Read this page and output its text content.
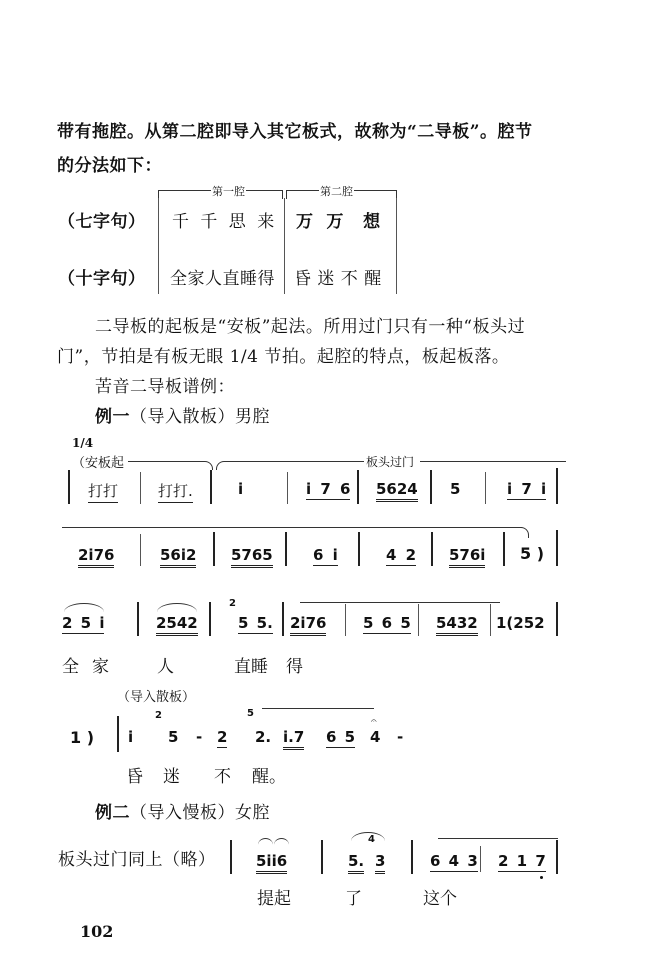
带有拖腔。从第二腔即导入其它板式，故称为“二导板”。腔节
的分法如下：
第一腔	第二腔
（七字句） 千 千 思 来 万  万   想
（十字句） 全家人直睡得 昏 迷 不 醒
二导板的起板是“安板”起法。所用过门只有一种“板头过
门”，节拍是有板无眼 1/4 节拍。起腔的特点，板起板落。
苦音二导板谱例：
例一（导入散板）男腔
1/4
（安板起	板头过门
打打	打打.	i	i 7 6 5624 5	i 7 i
2i76	56i2 5765	6 i	4 2 576i 5 )
2 5 i	2542
2
5 5. 2i76 5 6 5 5432 1(252
全 家	人	直睡 得
（导入散板）
1 ) i
2
5 - 2
5
2. i.7 6 5
𝄐
4 -
昏 迷 不 醒。
例二（导入慢板）女腔
板头过门同上（略）	5ii6
4
5. 3	6 4 3 2 1 7
提起	了	这个
102
